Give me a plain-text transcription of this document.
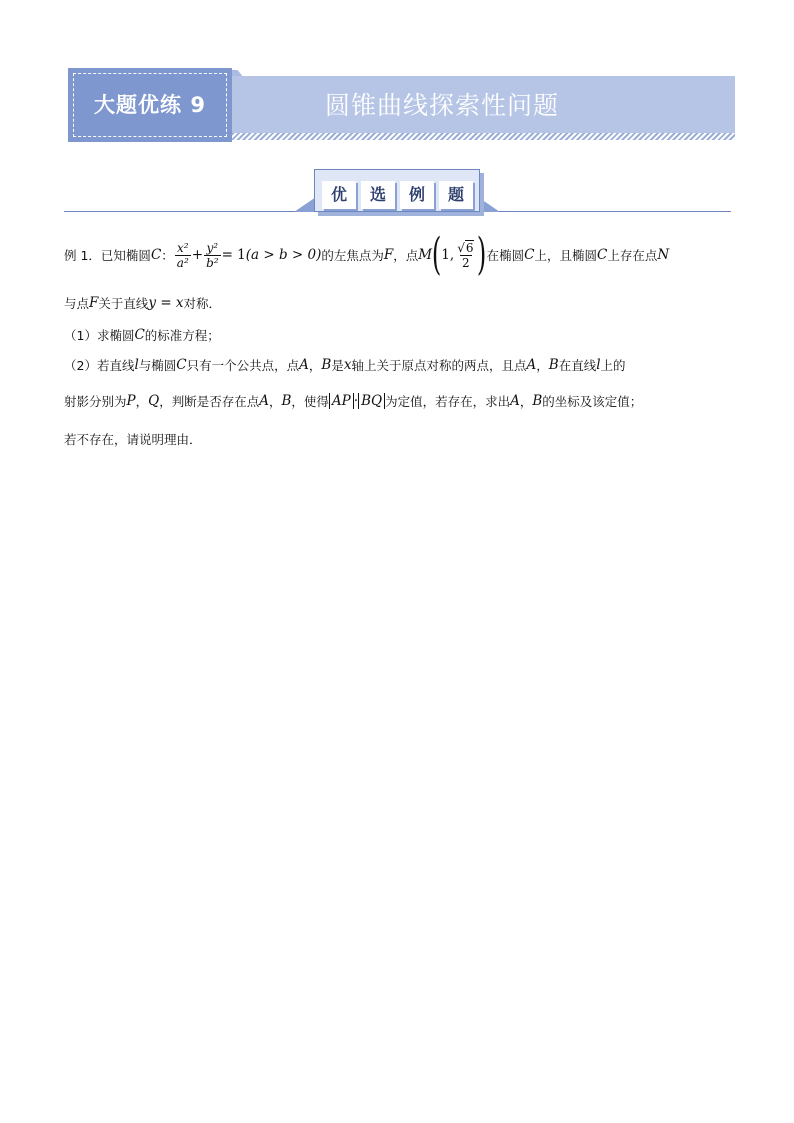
圆锥曲线探索性问题
大题优练 9
优	选	例	题
例 1．已知椭圆 C ： $\frac{\text{x²}}{\text{a²}} + \frac{\text{y²}}{\text{b²}} = 1$ (a > b > 0) 的左焦点为 F ，点 M ( 1, $\frac{√6}{2}$ ) 在椭圆 C 上，且椭圆 C 上存在点 N
与点 F 关于直线 y = x 对称．
（1）求椭圆 C 的标准方程；
（2）若直线 l 与椭圆 C 只有一个公共点，点 A ， B 是 x 轴上关于原点对称的两点，且点 A ， B 在直线 l 上的
射影分别为 P ， Q ，判断是否存在点 A ， B ，使得 AP · BQ 为定值，若存在，求出 A ， B 的坐标及该定值；
若不存在，请说明理由．
